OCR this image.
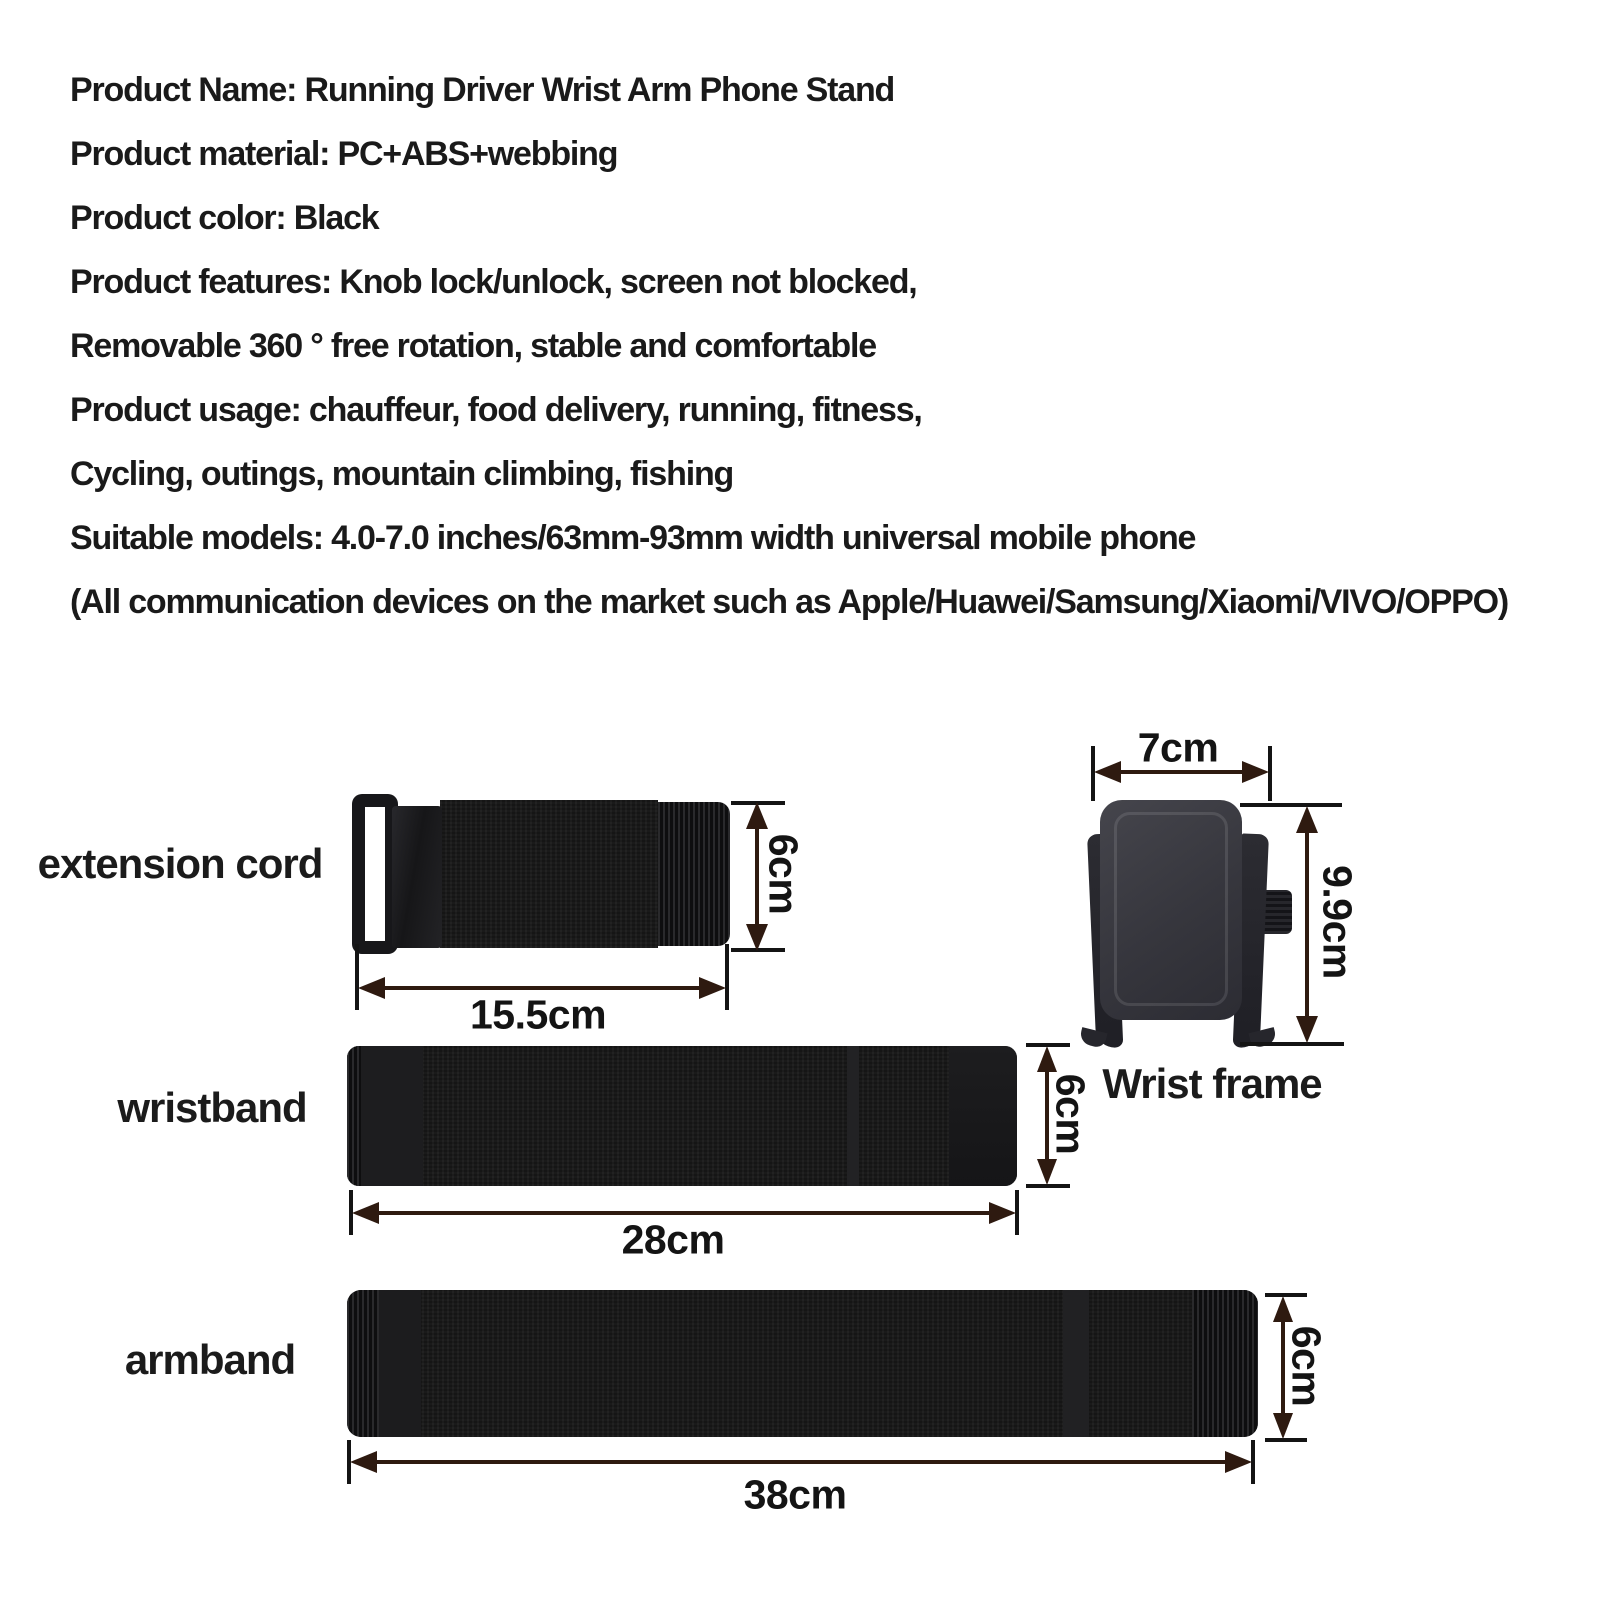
Product Name: Running Driver Wrist Arm Phone Stand
Product material: PC+ABS+webbing
Product color: Black
Product features: Knob lock/unlock, screen not blocked,
Removable 360 ° free rotation, stable and comfortable
Product usage: chauffeur, food delivery, running, fitness,
Cycling, outings, mountain climbing, fishing
Suitable models: 4.0-7.0 inches/63mm-93mm width universal mobile phone
(All communication devices on the market such as Apple/Huawei/Samsung/Xiaomi/VIVO/OPPO)
extension cord	6cm
15.5cm
7cm
9.9cm
Wrist frame
wristband	6cm
28cm
armband	6cm
38cm
